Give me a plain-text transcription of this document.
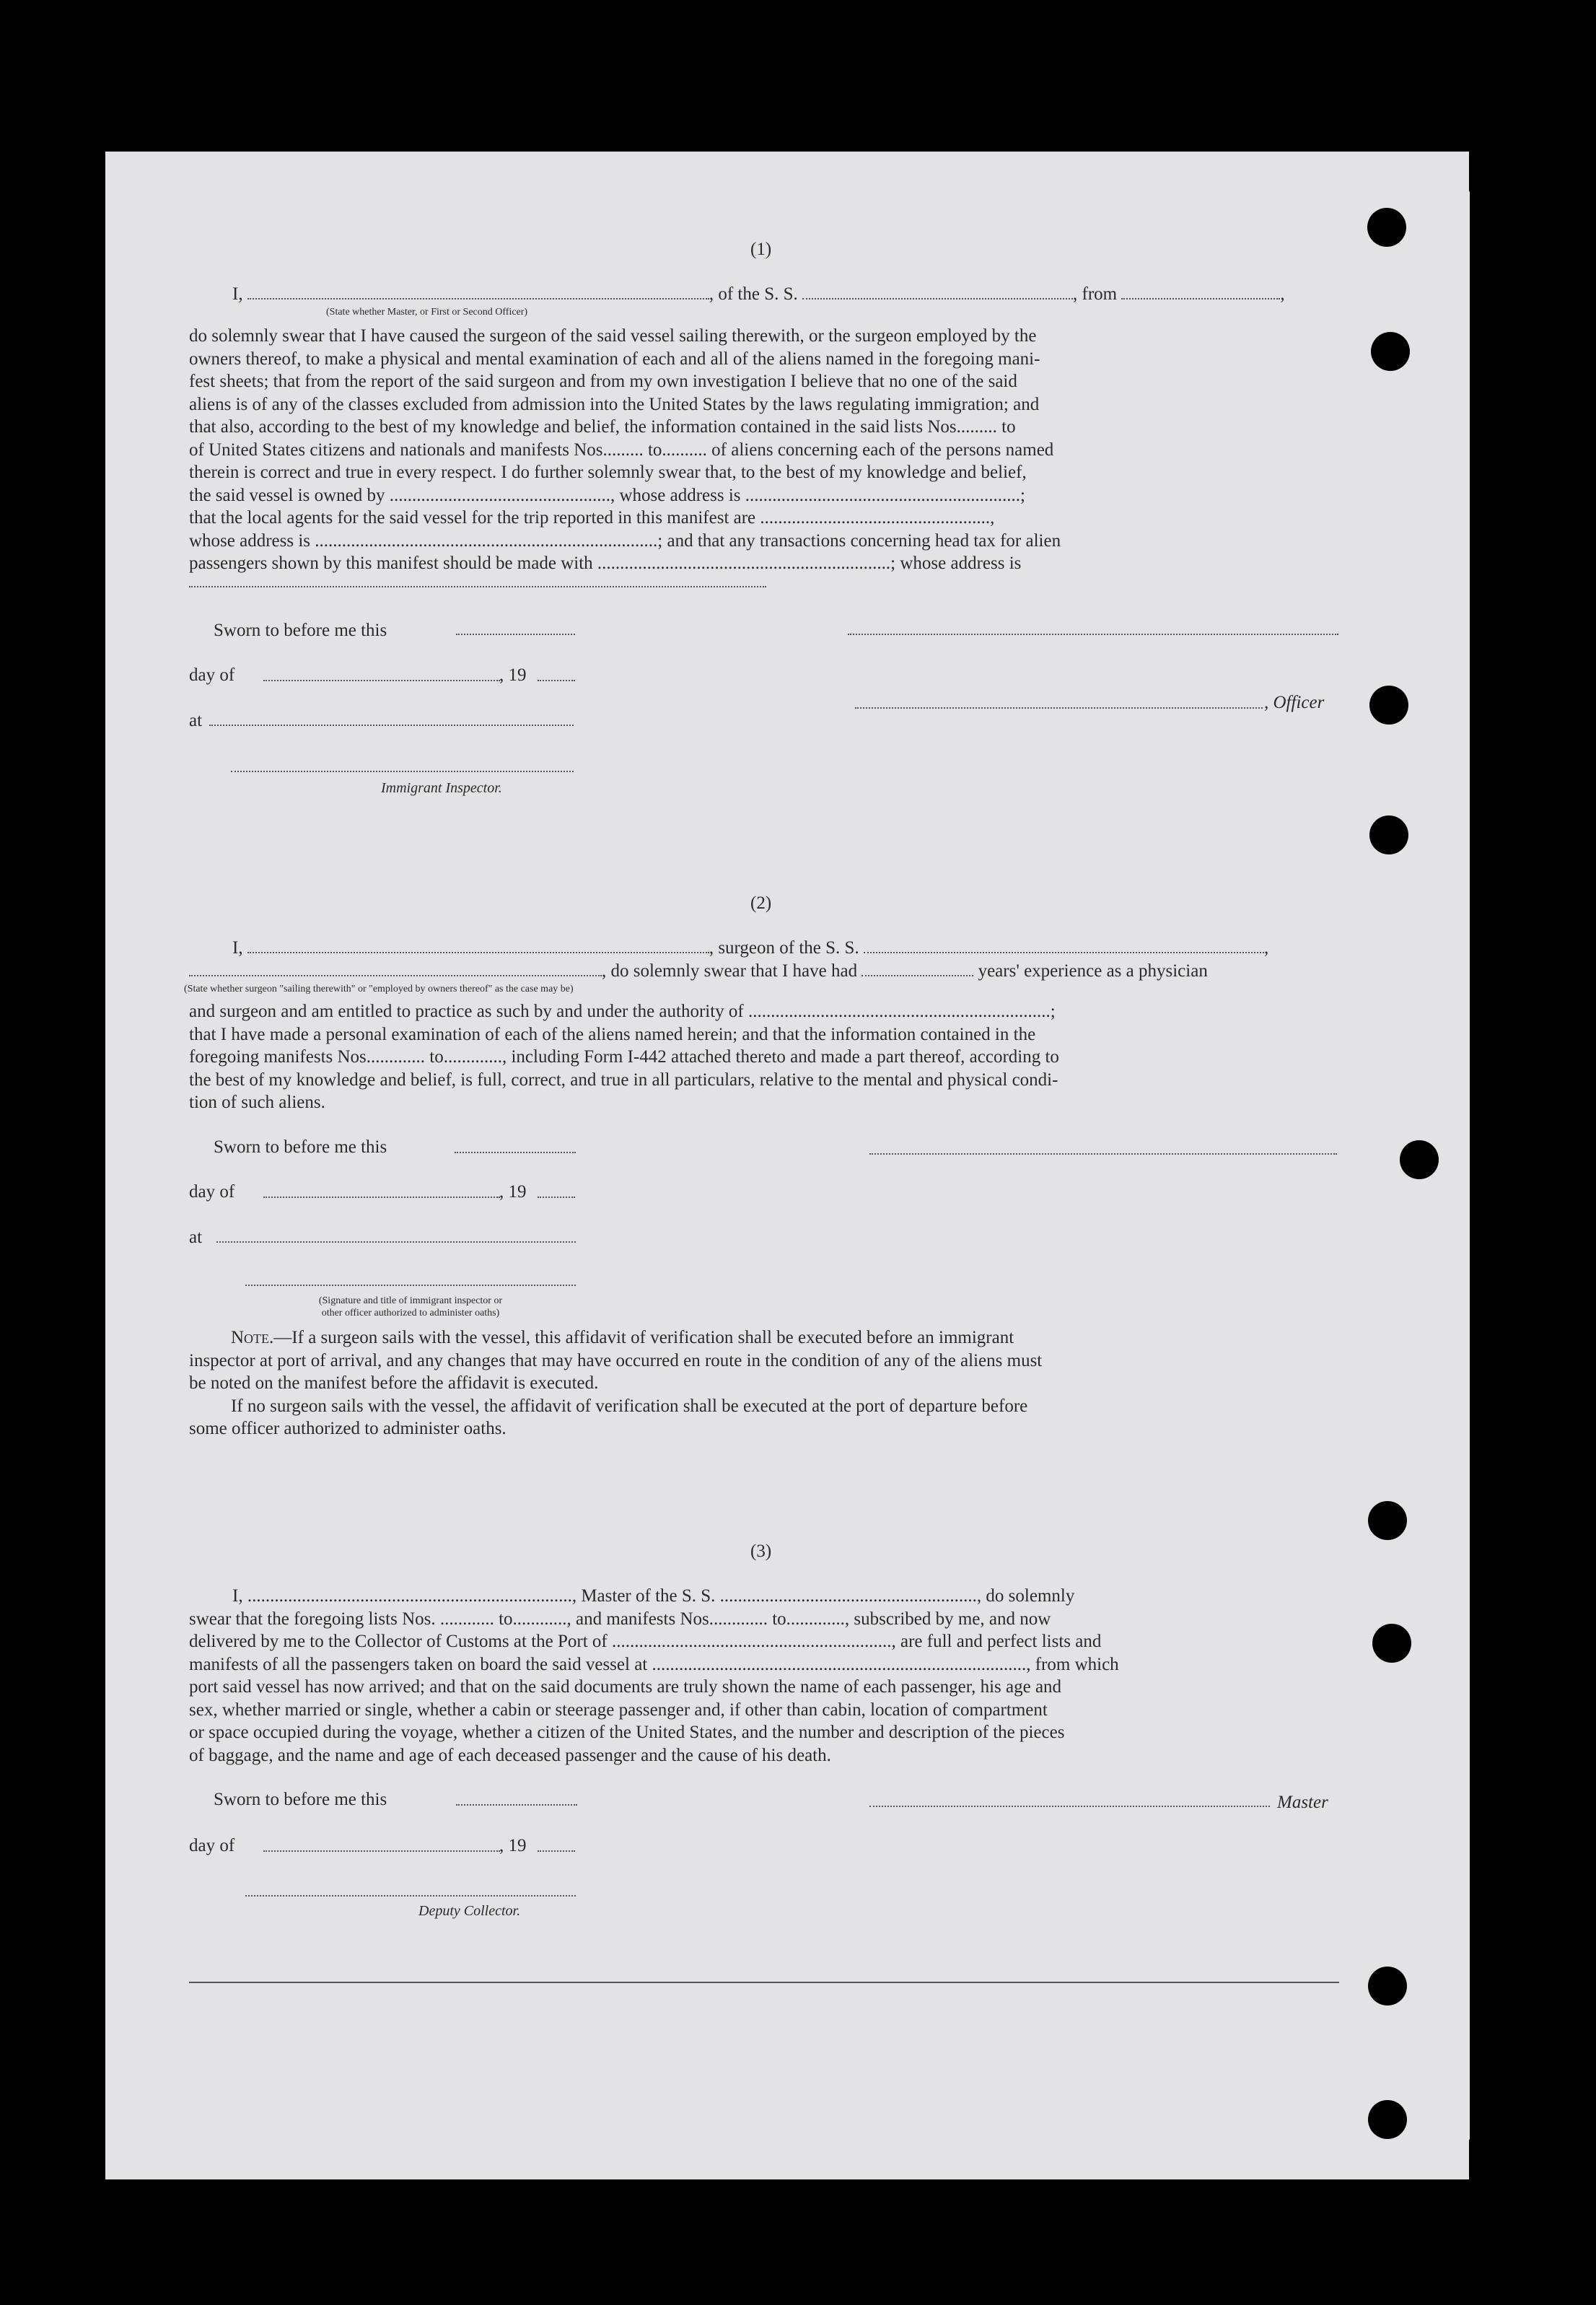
(1)
I,	, of the S. S.	, from	,
(State whether Master, or First or Second Officer)

do solemnly swear that I have caused the surgeon of the said vessel sailing therewith, or the surgeon employed by the

owners thereof, to make a physical and mental examination of each and all of the aliens named in the foregoing mani-

fest sheets; that from the report of the said surgeon and from my own investigation I believe that no one of the said

aliens is of any of the classes excluded from admission into the United States by the laws regulating immigration; and

that also, according to the best of my knowledge and belief, the information contained in the said lists Nos......... to

of United States citizens and nationals and manifests Nos......... to.......... of aliens concerning each of the persons named

therein is correct and true in every respect. I do further solemnly swear that, to the best of my knowledge and belief,

the said vessel is owned by ................................................., whose address is .............................................................;

that the local agents for the said vessel for the trip reported in this manifest are ...................................................,

whose address is ............................................................................; and that any transactions concerning head tax for alien

passengers shown by this manifest should be made with .................................................................; whose address is

Sworn to before me this
day of	, 19
, Officer
at
Immigrant Inspector.
(2)
I,	, surgeon of the S. S.	,
, do solemnly swear that I have had	years' experience as a physician
(State whether surgeon "sailing therewith" or "employed by owners thereof" as the case may be)

and surgeon and am entitled to practice as such by and under the authority of ...................................................................;

that I have made a personal examination of each of the aliens named herein; and that the information contained in the

foregoing manifests Nos............. to............., including Form I-442 attached thereto and made a part thereof, according to

the best of my knowledge and belief, is full, correct, and true in all particulars, relative to the mental and physical condi-

tion of such aliens.

Sworn to before me this
day of	, 19
at
(Signature and title of immigrant inspector or
other officer authorized to administer oaths)

Note.—If a surgeon sails with the vessel, this affidavit of verification shall be executed before an immigrant

inspector at port of arrival, and any changes that may have occurred en route in the condition of any of the aliens must

be noted on the manifest before the affidavit is executed.

If no surgeon sails with the vessel, the affidavit of verification shall be executed at the port of departure before

some officer authorized to administer oaths.

(3)

I, ........................................................................, Master of the S. S. ........................................................., do solemnly

swear that the foregoing lists Nos. ............ to............, and manifests Nos............. to............., subscribed by me, and now

delivered by me to the Collector of Customs at the Port of .............................................................., are full and perfect lists and

manifests of all the passengers taken on board the said vessel at ..................................................................................., from which

port said vessel has now arrived; and that on the said documents are truly shown the name of each passenger, his age and

sex, whether married or single, whether a cabin or steerage passenger and, if other than cabin, location of compartment

or space occupied during the voyage, whether a citizen of the United States, and the number and description of the pieces

of baggage, and the name and age of each deceased passenger and the cause of his death.

Sworn to before me this	Master
day of	, 19
Deputy Collector.
